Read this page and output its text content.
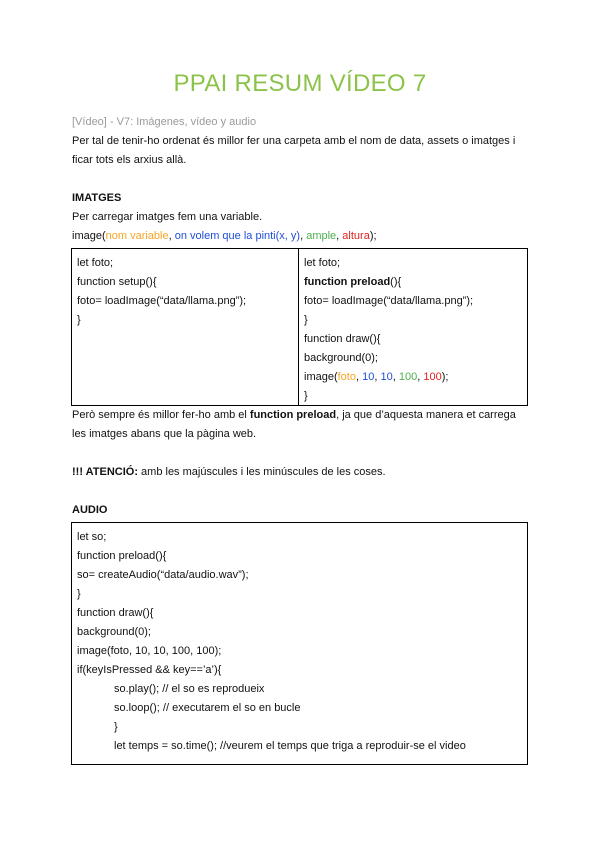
PPAI RESUM VÍDEO 7
[Vídeo] - V7: Imágenes, vídeo y audio
Per tal de tenir-ho ordenat és millor fer una carpeta amb el nom de data, assets o imatges i
ficar tots els arxius allà.
IMATGES
Per carregar imatges fem una variable.
image(nom variable, on volem que la pinti(x, y), ample, altura);
let foto;
function setup(){
foto= loadImage(“data/llama.png”);
}
let foto;
function preload(){
foto= loadImage(“data/llama.png”);
}
function draw(){
background(0);
image(foto, 10, 10, 100, 100);
}
Però sempre és millor fer-ho amb el function preload, ja que d’aquesta manera et carrega
les imatges abans que la pàgina web.
!!! ATENCIÓ: amb les majúscules i les minúscules de les coses.
AUDIO
let so;
function preload(){
so= createAudio(“data/audio.wav”);
}
function draw(){
background(0);
image(foto, 10, 10, 100, 100);
if(keyIsPressed && key==’a’){
so.play(); // el so es reprodueix
so.loop(); // executarem el so en bucle
}
let temps = so.time(); //veurem el temps que triga a reproduir-se el video
